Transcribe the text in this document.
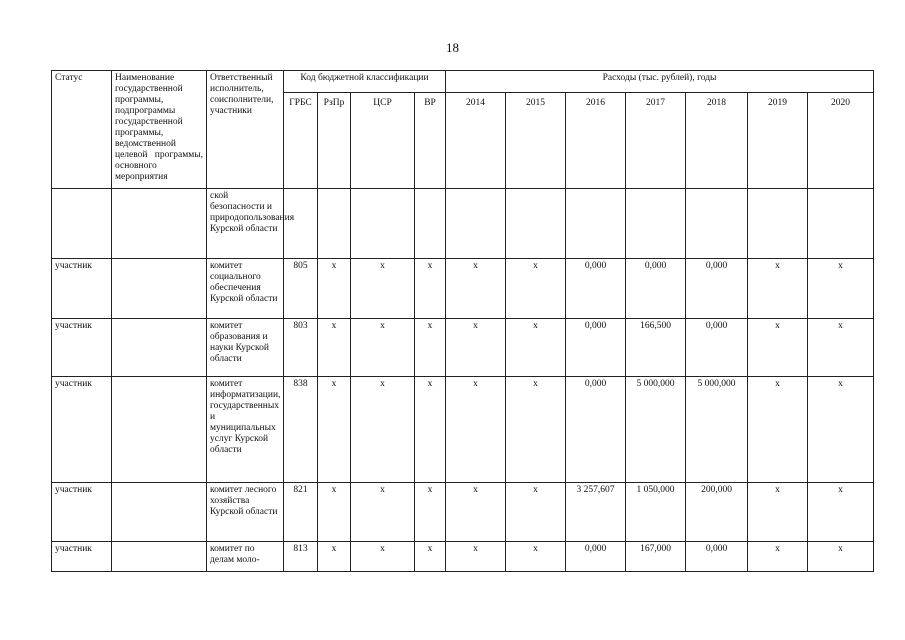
18
Статус	Наименование государственной программы, подпрограммы государственной программы, ведомственной целевой программы, основного мероприятия	Ответственный исполнитель, соисполнители, участники	Код бюджетной классификации				Расходы (тыс. рублей), годы						
			ГРБС	РзПр	ЦСР	ВР	2014	2015	2016	2017	2018	2019	2020
		ской безопасности и природопользования Курской области											
участник		комитет социального обеспечения Курской области	805	х	х	х	х	х	0,000	0,000	0,000	х	х
участник		комитет образования и науки Курской области	803	х	х	х	х	х	0,000	166,500	0,000	х	х
участник		комитет информатизации, государственных и муниципальных услуг Курской области	838	х	х	х	х	х	0,000	5 000,000	5 000,000	х	х
участник		комитет лесного хозяйства Курской области	821	х	х	х	х	х	3 257,607	1 050,000	200,000	х	х
участник		комитет по делам моло-	813	х	х	х	х	х	0,000	167,000	0,000	х	х
